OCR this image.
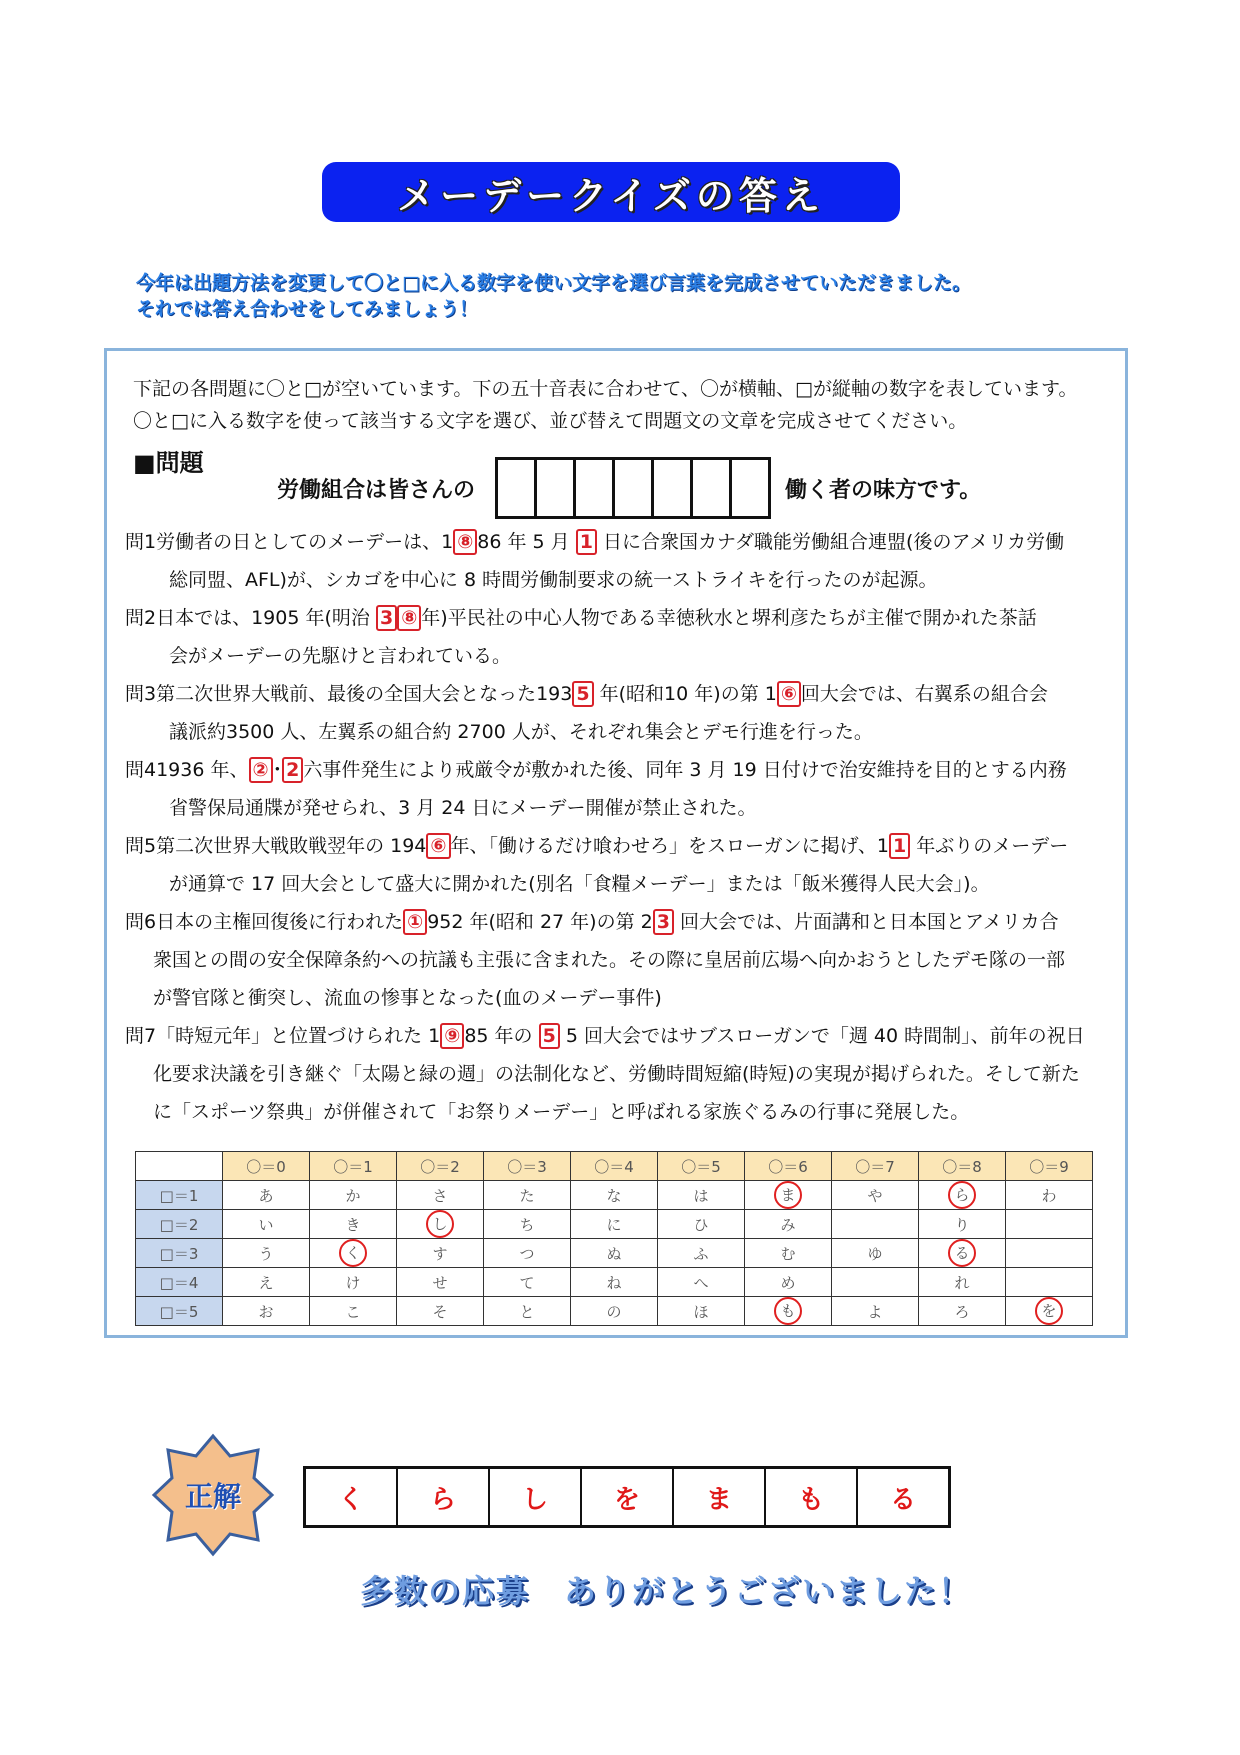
メーデークイズの答え
今年は出題方法を変更して〇と□に入る数字を使い文字を選び言葉を完成させていただきました。
それでは答え合わせをしてみましょう！
下記の各問題に〇と□が空いています。下の五十音表に合わせて、〇が横軸、□が縦軸の数字を表しています。
〇と□に入る数字を使って該当する文字を選び、並び替えて問題文の文章を完成させてください。
■問題
労働組合は皆さんの	働く者の味方です。
問1労働者の日としてのメーデーは、1 ⑧ 86 年 5 月 1 日に合衆国カナダ職能労働組合連盟(後のアメリカ労働
総同盟、AFL)が、シカゴを中心に 8 時間労働制要求の統一ストライキを行ったのが起源。
問2日本では、1905 年(明治 3 ⑧ 年)平民社の中心人物である幸徳秋水と堺利彦たちが主催で開かれた茶話
会がメーデーの先駆けと言われている。
問3第二次世界大戦前、最後の全国大会となった193 5 年(昭和10 年)の第 1 ⑥ 回大会では、右翼系の組合会
議派約3500 人、左翼系の組合約 2700 人が、それぞれ集会とデモ行進を行った。
問41936 年、 ② ･ 2 六事件発生により戒厳令が敷かれた後、同年 3 月 19 日付けで治安維持を目的とする内務
省警保局通牒が発せられ、3 月 24 日にメーデー開催が禁止された。
問5第二次世界大戦敗戦翌年の 194 ⑥ 年、「働けるだけ喰わせろ」をスローガンに掲げ、1 1 年ぶりのメーデー
が通算で 17 回大会として盛大に開かれた(別名「食糧メーデー」または「飯米獲得人民大会」)。
問6日本の主権回復後に行われた ① 952 年(昭和 27 年)の第 2 3 回大会では、片面講和と日本国とアメリカ合
衆国との間の安全保障条約への抗議も主張に含まれた。その際に皇居前広場へ向かおうとしたデモ隊の一部
が警官隊と衝突し、流血の惨事となった(血のメーデー事件)
問7「時短元年」と位置づけられた 1 ⑨ 85 年の 5 5 回大会ではサブスローガンで「週 40 時間制」、前年の祝日
化要求決議を引き継ぐ「太陽と緑の週」の法制化など、労働時間短縮(時短)の実現が掲げられた。そして新た
に「スポーツ祭典」が併催されて「お祭りメーデー」と呼ばれる家族ぐるみの行事に発展した。
	〇＝0	〇＝1	〇＝2	〇＝3	〇＝4	〇＝5	〇＝6	〇＝7	〇＝8	〇＝9
□＝1	あ	か	さ	た	な	は	ま	や	ら	わ
□＝2	い	き	し	ち	に	ひ	み		り	
□＝3	う	く	す	つ	ぬ	ふ	む	ゆ	る	
□＝4	え	け	せ	て	ね	へ	め		れ	
□＝5	お	こ	そ	と	の	ほ	も	よ	ろ	を
正解	く	ら	し	を	ま	も	る
多数の応募　ありがとうございました！
